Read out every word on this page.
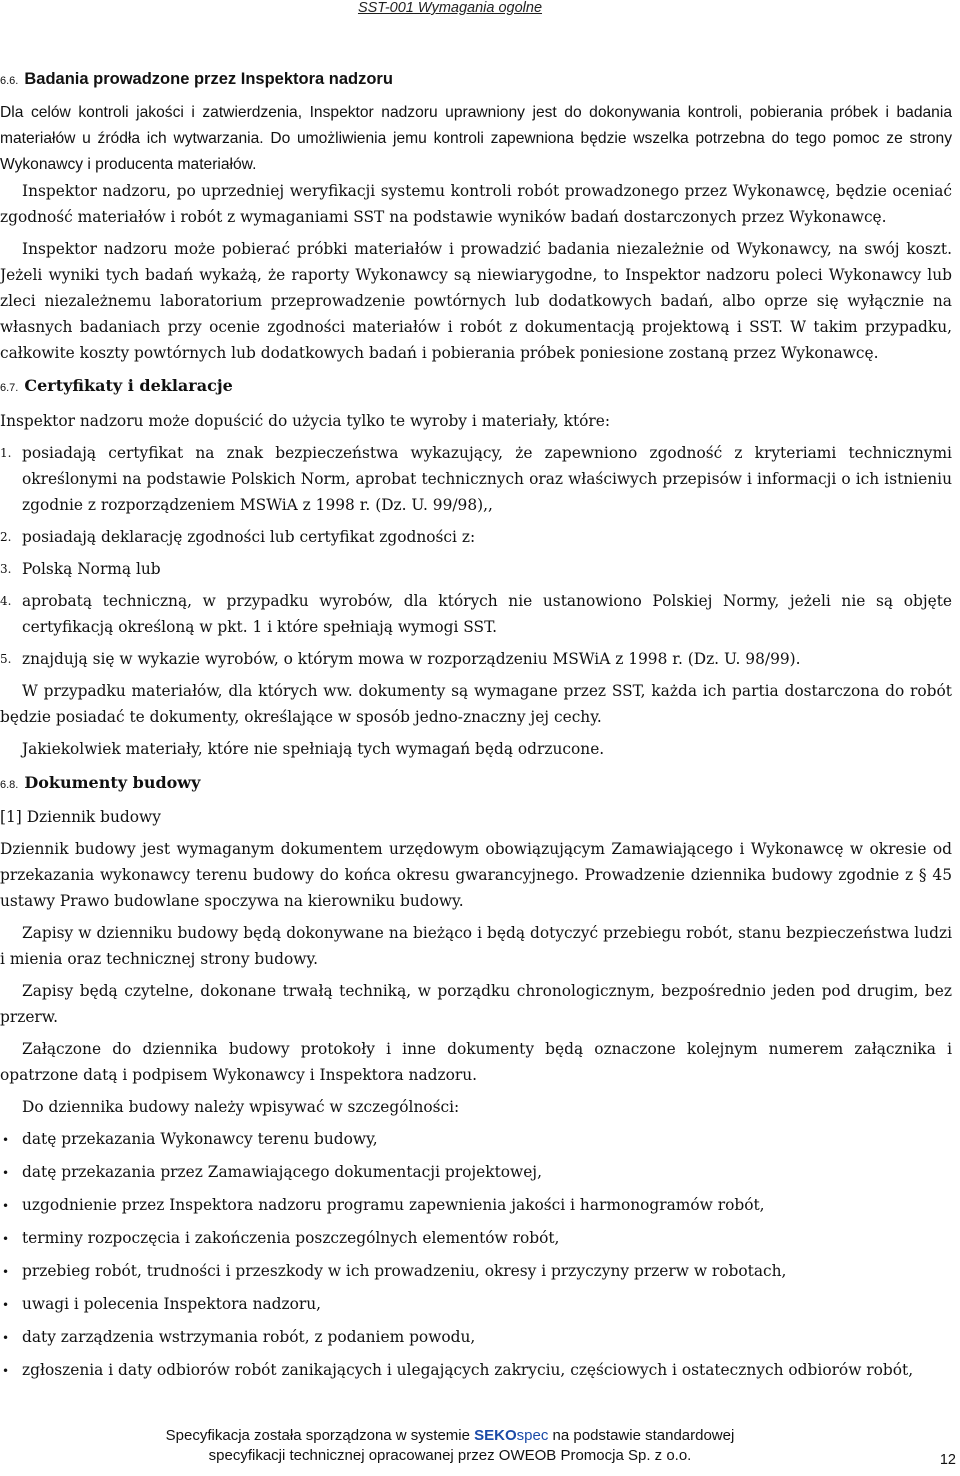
SST-001 Wymagania ogolne
6.6. Badania prowadzone przez Inspektora nadzoru

Dla celów kontroli jakości i zatwierdzenia, Inspektor nadzoru uprawniony jest do dokonywania kontroli, pobierania próbek i badania materiałów u źródła ich wytwarzania. Do umożliwienia jemu kontroli zapewniona będzie wszelka potrzebna do tego pomoc ze strony Wykonawcy i producenta materiałów.

Inspektor nadzoru, po uprzedniej weryfikacji systemu kontroli robót prowadzonego przez Wykonawcę, będzie oceniać zgodność materiałów i robót z wymaganiami SST na podstawie wyników badań dostarczonych przez Wykonawcę.

Inspektor nadzoru może pobierać próbki materiałów i prowadzić badania niezależnie od Wykonawcy, na swój koszt. Jeżeli wyniki tych badań wykażą, że raporty Wykonawcy są niewiarygodne, to Inspektor nadzoru poleci Wykonawcy lub zleci niezależnemu laboratorium przeprowadzenie powtórnych lub dodatkowych badań, albo oprze się wyłącznie na własnych badaniach przy ocenie zgodności materiałów i robót z dokumentacją projektową i SST. W takim przypadku, całkowite koszty powtórnych lub dodatkowych badań i pobierania próbek poniesione zostaną przez Wykonawcę.

6.7. Certyfikaty i deklaracje

Inspektor nadzoru może dopuścić do użycia tylko te wyroby i materiały, które:

1. posiadają certyfikat na znak bezpieczeństwa wykazujący, że zapewniono zgodność z kryteriami technicznymi określonymi na podstawie Polskich Norm, aprobat technicznych oraz właściwych przepisów i informacji o ich istnieniu zgodnie z rozporządzeniem MSWiA z 1998 r. (Dz. U. 99/98),,
2. posiadają deklarację zgodności lub certyfikat zgodności z:
3. Polską Normą lub
4. aprobatą techniczną, w przypadku wyrobów, dla których nie ustanowiono Polskiej Normy, jeżeli nie są objęte certyfikacją określoną w pkt. 1 i które spełniają wymogi SST.
5. znajdują się w wykazie wyrobów, o którym mowa w rozporządzeniu MSWiA z 1998 r. (Dz. U. 98/99).

W przypadku materiałów, dla których ww. dokumenty są wymagane przez SST, każda ich partia dostarczona do robót będzie posiadać te dokumenty, określające w sposób jedno-znaczny jej cechy.

Jakiekolwiek materiały, które nie spełniają tych wymagań będą odrzucone.

6.8. Dokumenty budowy

[1] Dziennik budowy

Dziennik budowy jest wymaganym dokumentem urzędowym obowiązującym Zamawiającego i Wykonawcę w okresie od przekazania wykonawcy terenu budowy do końca okresu gwarancyjnego. Prowadzenie dziennika budowy zgodnie z § 45 ustawy Prawo budowlane spoczywa na kierowniku budowy.

Zapisy w dzienniku budowy będą dokonywane na bieżąco i będą dotyczyć przebiegu robót, stanu bezpieczeństwa ludzi i mienia oraz technicznej strony budowy.

Zapisy będą czytelne, dokonane trwałą techniką, w porządku chronologicznym, bezpośrednio jeden pod drugim, bez przerw.

Załączone do dziennika budowy protokoły i inne dokumenty będą oznaczone kolejnym numerem załącznika i opatrzone datą i podpisem Wykonawcy i Inspektora nadzoru.

Do dziennika budowy należy wpisywać w szczególności:

• datę przekazania Wykonawcy terenu budowy,
• datę przekazania przez Zamawiającego dokumentacji projektowej,
• uzgodnienie przez Inspektora nadzoru programu zapewnienia jakości i harmonogramów robót,
• terminy rozpoczęcia i zakończenia poszczególnych elementów robót,
• przebieg robót, trudności i przeszkody w ich prowadzeniu, okresy i przyczyny przerw w robotach,
• uwagi i polecenia Inspektora nadzoru,
• daty zarządzenia wstrzymania robót, z podaniem powodu,
• zgłoszenia i daty odbiorów robót zanikających i ulegających zakryciu, częściowych i ostatecznych odbiorów robót,
Specyfikacja została sporządzona w systemie SEKOspec na podstawie standardowej
specyfikacji technicznej opracowanej przez OWEOB Promocja Sp. z o.o.	12
